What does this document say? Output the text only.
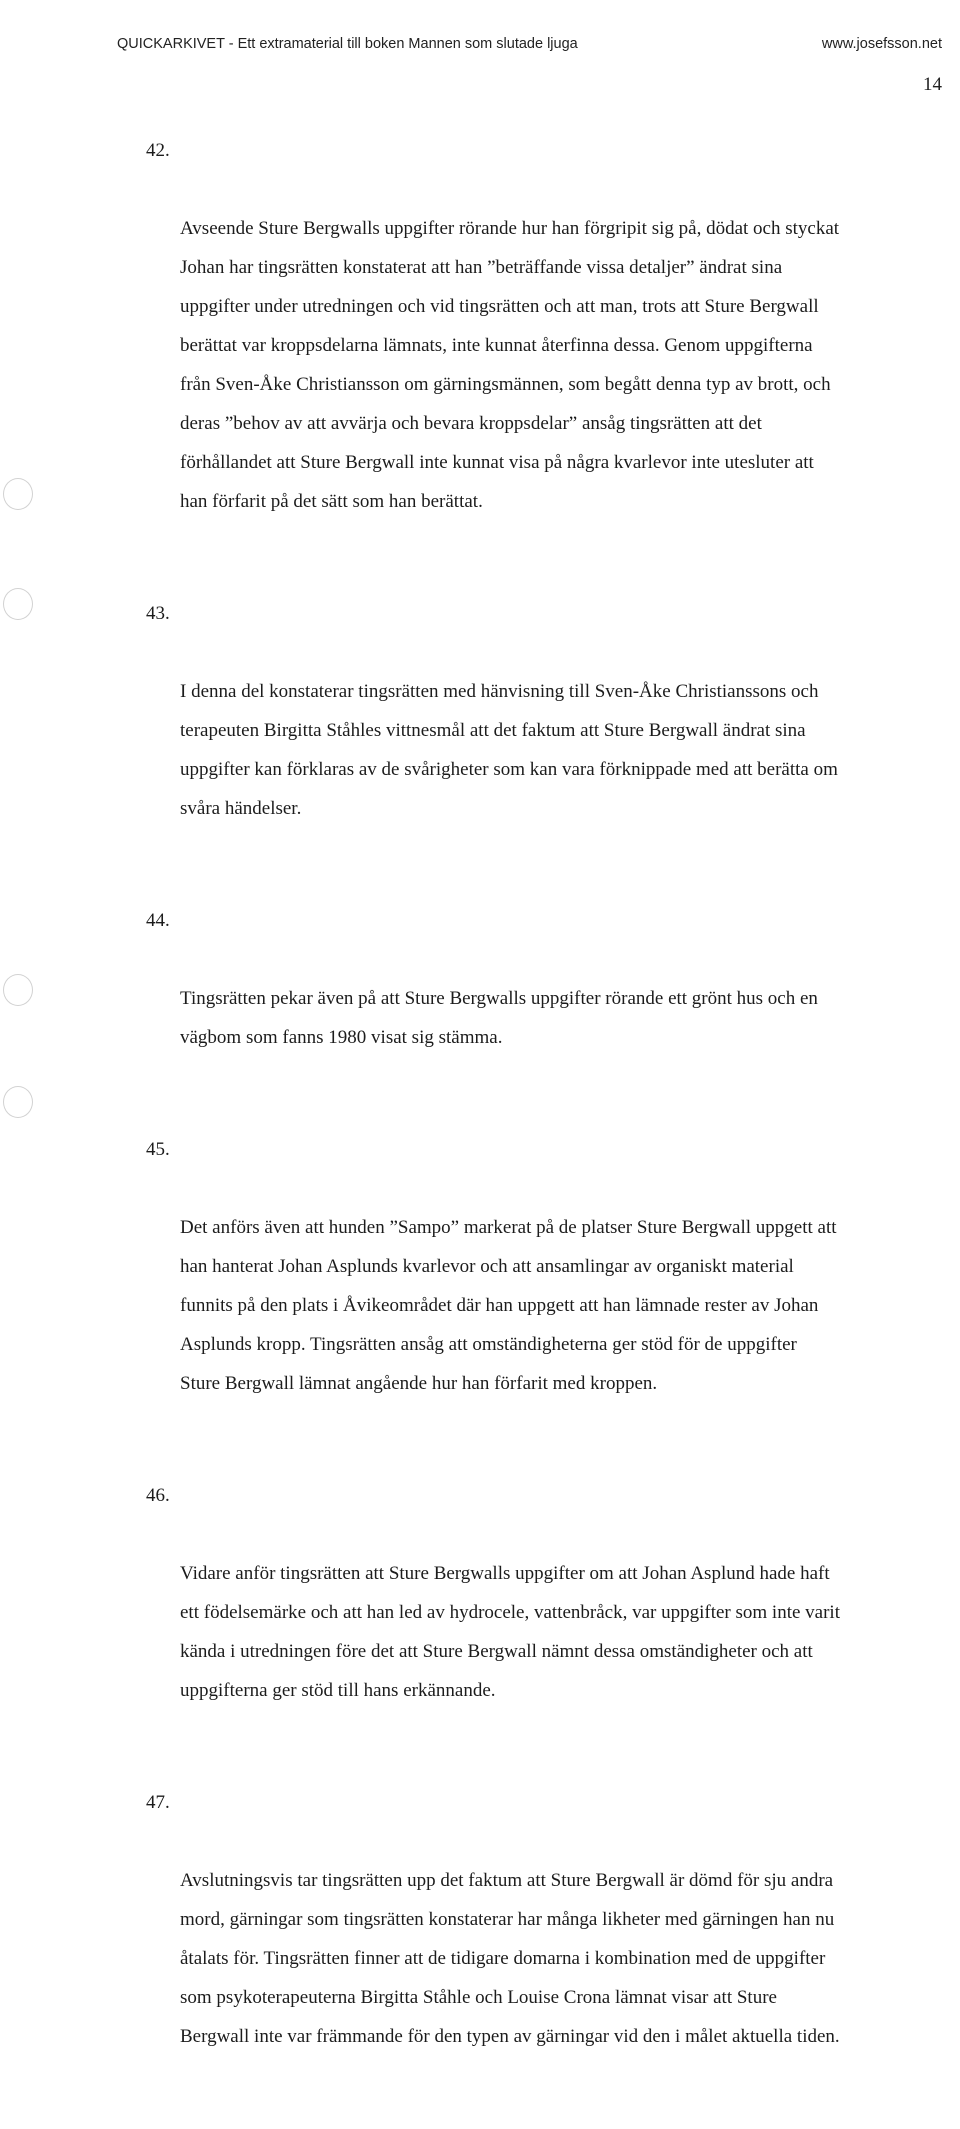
QUICKARKIVET - Ett extramaterial till boken Mannen som slutade ljuga	www.josefsson.net
14

42.

Avseende Sture Bergwalls uppgifter rörande hur han förgripit sig på, dödat och styckat
Johan har tingsrätten konstaterat att han ”beträffande vissa detaljer” ändrat sina
uppgifter under utredningen och vid tingsrätten och att man, trots att Sture Bergwall
berättat var kroppsdelarna lämnats, inte kunnat återfinna dessa. Genom uppgifterna
från Sven-Åke Christiansson om gärningsmännen, som begått denna typ av brott, och
deras ”behov av att avvärja och bevara kroppsdelar” ansåg tingsrätten att det
förhållandet att Sture Bergwall inte kunnat visa på några kvarlevor inte utesluter att
han förfarit på det sätt som han berättat.

43.

I denna del konstaterar tingsrätten med hänvisning till Sven-Åke Christianssons och
terapeuten Birgitta Ståhles vittnesmål att det faktum att Sture Bergwall ändrat sina
uppgifter kan förklaras av de svårigheter som kan vara förknippade med att berätta om
svåra händelser.

44.

Tingsrätten pekar även på att Sture Bergwalls uppgifter rörande ett grönt hus och en
vägbom som fanns 1980 visat sig stämma.

45.

Det anförs även att hunden ”Sampo” markerat på de platser Sture Bergwall uppgett att
han hanterat Johan Asplunds kvarlevor och att ansamlingar av organiskt material
funnits på den plats i Åvikeområdet där han uppgett att han lämnade rester av Johan
Asplunds kropp. Tingsrätten ansåg att omständigheterna ger stöd för de uppgifter
Sture Bergwall lämnat angående hur han förfarit med kroppen.

46.

Vidare anför tingsrätten att Sture Bergwalls uppgifter om att Johan Asplund hade haft
ett födelsemärke och att han led av hydrocele, vattenbråck, var uppgifter som inte varit
kända i utredningen före det att Sture Bergwall nämnt dessa omständigheter och att
uppgifterna ger stöd till hans erkännande.

47.

Avslutningsvis tar tingsrätten upp det faktum att Sture Bergwall är dömd för sju andra
mord, gärningar som tingsrätten konstaterar har många likheter med gärningen han nu
åtalats för. Tingsrätten finner att de tidigare domarna i kombination med de uppgifter
som psykoterapeuterna Birgitta Ståhle och Louise Crona lämnat visar att Sture
Bergwall inte var främmande för den typen av gärningar vid den i målet aktuella tiden.
